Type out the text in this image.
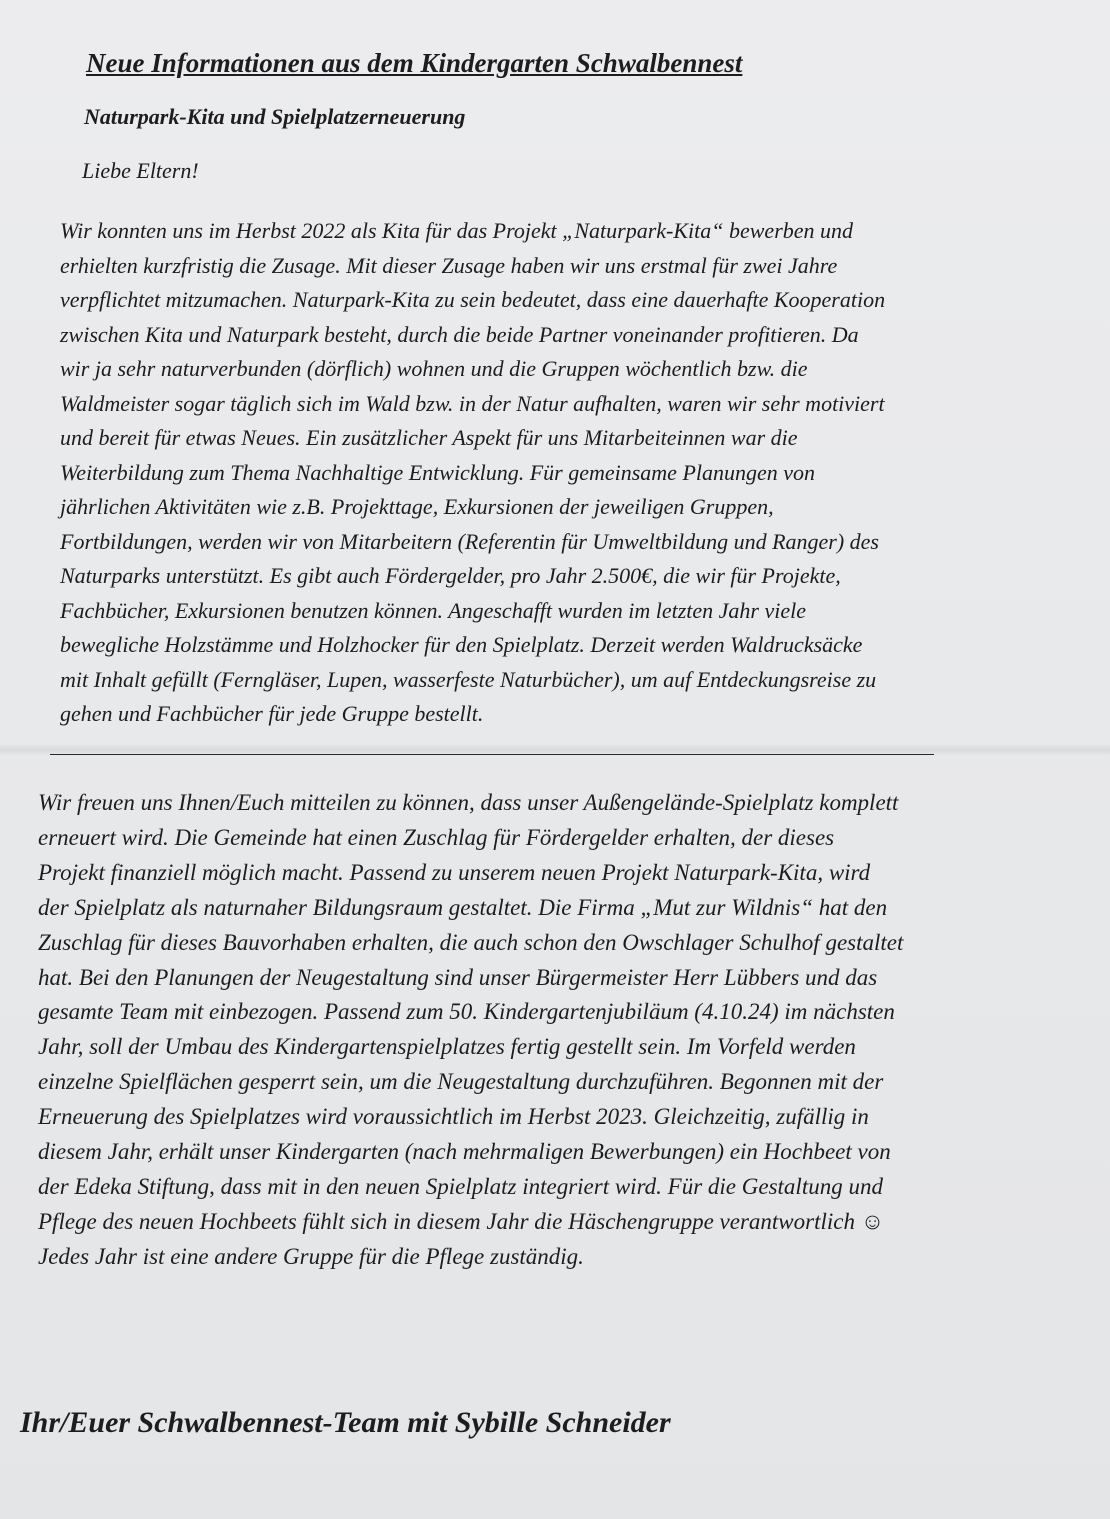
Neue Informationen aus dem Kindergarten Schwalbennest
Naturpark-Kita und Spielplatzerneuerung

Liebe Eltern!

Wir konnten uns im Herbst 2022 als Kita für das Projekt „Naturpark-Kita“ bewerben und
erhielten kurzfristig die Zusage. Mit dieser Zusage haben wir uns erstmal für zwei Jahre
verpflichtet mitzumachen. Naturpark-Kita zu sein bedeutet, dass eine dauerhafte Kooperation
zwischen Kita und Naturpark besteht, durch die beide Partner voneinander profitieren. Da
wir ja sehr naturverbunden (dörflich) wohnen und die Gruppen wöchentlich bzw. die
Waldmeister sogar täglich sich im Wald bzw. in der Natur aufhalten, waren wir sehr motiviert
und bereit für etwas Neues. Ein zusätzlicher Aspekt für uns Mitarbeiteinnen war die
Weiterbildung zum Thema Nachhaltige Entwicklung. Für gemeinsame Planungen von
jährlichen Aktivitäten wie z.B. Projekttage, Exkursionen der jeweiligen Gruppen,
Fortbildungen, werden wir von Mitarbeitern (Referentin für Umweltbildung und Ranger) des
Naturparks unterstützt. Es gibt auch Fördergelder, pro Jahr 2.500€, die wir für Projekte,
Fachbücher, Exkursionen benutzen können. Angeschafft wurden im letzten Jahr viele
bewegliche Holzstämme und Holzhocker für den Spielplatz. Derzeit werden Waldrucksäcke
mit Inhalt gefüllt (Ferngläser, Lupen, wasserfeste Naturbücher), um auf Entdeckungsreise zu
gehen und Fachbücher für jede Gruppe bestellt.
Wir freuen uns Ihnen/Euch mitteilen zu können, dass unser Außengelände-Spielplatz komplett
erneuert wird. Die Gemeinde hat einen Zuschlag für Fördergelder erhalten, der dieses
Projekt finanziell möglich macht. Passend zu unserem neuen Projekt Naturpark-Kita, wird
der Spielplatz als naturnaher Bildungsraum gestaltet. Die Firma „Mut zur Wildnis“ hat den
Zuschlag für dieses Bauvorhaben erhalten, die auch schon den Owschlager Schulhof gestaltet
hat. Bei den Planungen der Neugestaltung sind unser Bürgermeister Herr Lübbers und das
gesamte Team mit einbezogen. Passend zum 50. Kindergartenjubiläum (4.10.24) im nächsten
Jahr, soll der Umbau des Kindergartenspielplatzes fertig gestellt sein. Im Vorfeld werden
einzelne Spielflächen gesperrt sein, um die Neugestaltung durchzuführen. Begonnen mit der
Erneuerung des Spielplatzes wird voraussichtlich im Herbst 2023. Gleichzeitig, zufällig in
diesem Jahr, erhält unser Kindergarten (nach mehrmaligen Bewerbungen) ein Hochbeet von
der Edeka Stiftung, dass mit in den neuen Spielplatz integriert wird. Für die Gestaltung und
Pflege des neuen Hochbeets fühlt sich in diesem Jahr die Häschengruppe verantwortlich ☺
Jedes Jahr ist eine andere Gruppe für die Pflege zuständig.

Ihr/Euer Schwalbennest-Team mit Sybille Schneider
